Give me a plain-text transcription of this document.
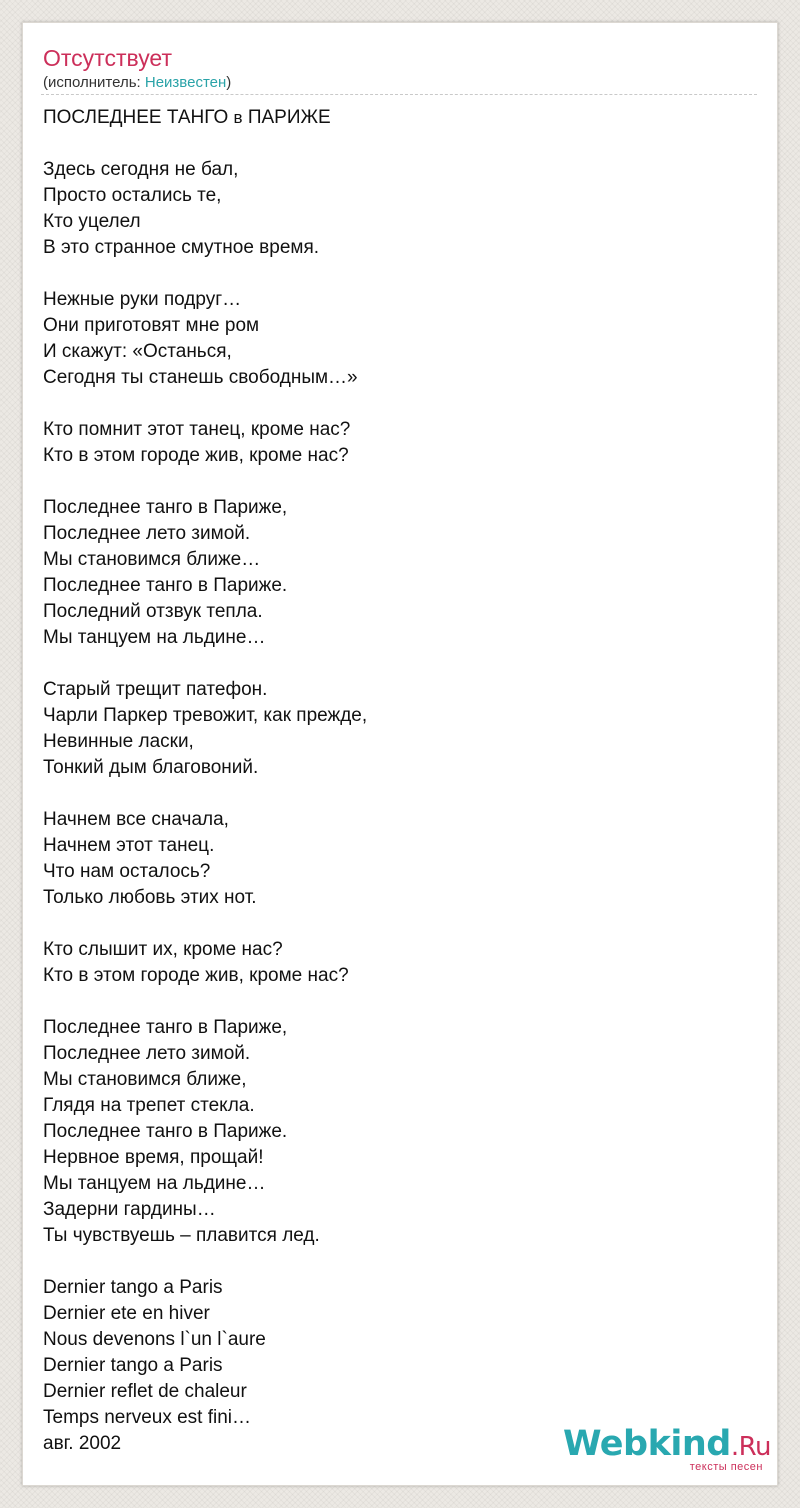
Отсутствует
(исполнитель: Неизвестен)
ПОСЛЕДНЕЕ ТАНГО в ПАРИЖЕ
Здесь сегодня не бал,
Просто остались те,
Кто уцелел
В это странное смутное время.
Нежные руки подруг…
Они приготовят мне ром
И скажут: «Останься,
Сегодня ты станешь свободным…»
Кто помнит этот танец, кроме нас?
Кто в этом городе жив, кроме нас?
Последнее танго в Париже,
Последнее лето зимой.
Мы становимся ближе…
Последнее танго в Париже.
Последний отзвук тепла.
Мы танцуем на льдине…
Старый трещит патефон.
Чарли Паркер тревожит, как прежде,
Невинные ласки,
Тонкий дым благовоний.
Начнем все сначала,
Начнем этот танец.
Что нам осталось?
Только любовь этих нот.
Кто слышит их, кроме нас?
Кто в этом городе жив, кроме нас?
Последнее танго в Париже,
Последнее лето зимой.
Мы становимся ближе,
Глядя на трепет стекла.
Последнее танго в Париже.
Нервное время, прощай!
Мы танцуем на льдине…
Задерни гардины…
Ты чувствуешь – плавится лед.
Dernier tango a Paris
Dernier ete en hiver
Nous devenons l`un l`aure
Dernier tango a Paris
Dernier reflet de chaleur
Temps nerveux est fini…
авг. 2002	Webkind.Ru
тексты песен
